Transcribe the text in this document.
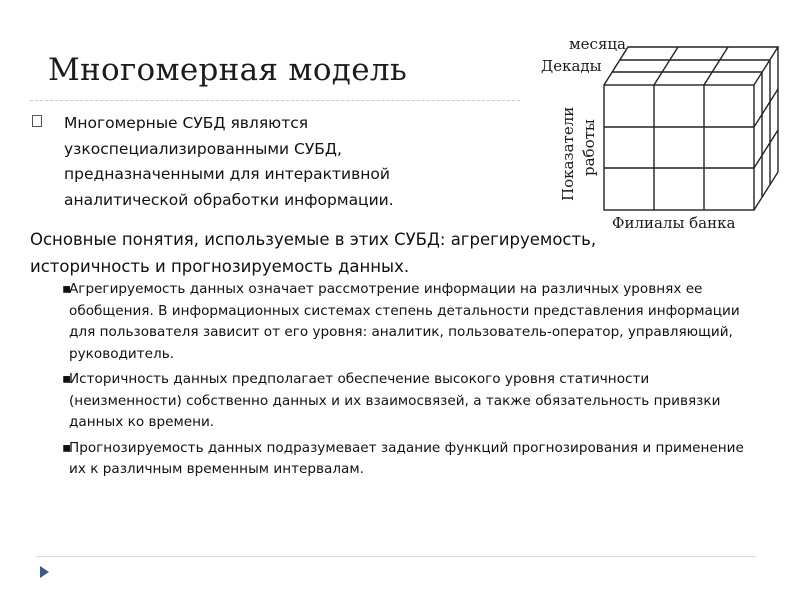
Многомерная модель

Многомерные СУБД являются узкоспециализированными СУБД, предназначенными для интерактивной аналитической обработки информации.

Основные понятия, используемые в этих СУБД: агрегируемость, историчность и прогнозируемость данных.

▪
Агрегируемость данных означает рассмотрение информации на различных уровнях ее обобщения. В информационных системах степень детальности представления информации для пользователя зависит от его уровня: аналитик, пользователь-оператор, управляющий, руководитель.
▪
Историчность данных предполагает обеспечение высокого уровня статичности (неизменности) собственно данных и их взаимосвязей, а также обязательность привязки данных ко времени.
▪
Прогнозируемость данных подразумевает задание функций прогнозирования и применение их к различным временным интервалам.
месяца
Декады
Показатели работы
Филиалы банка
